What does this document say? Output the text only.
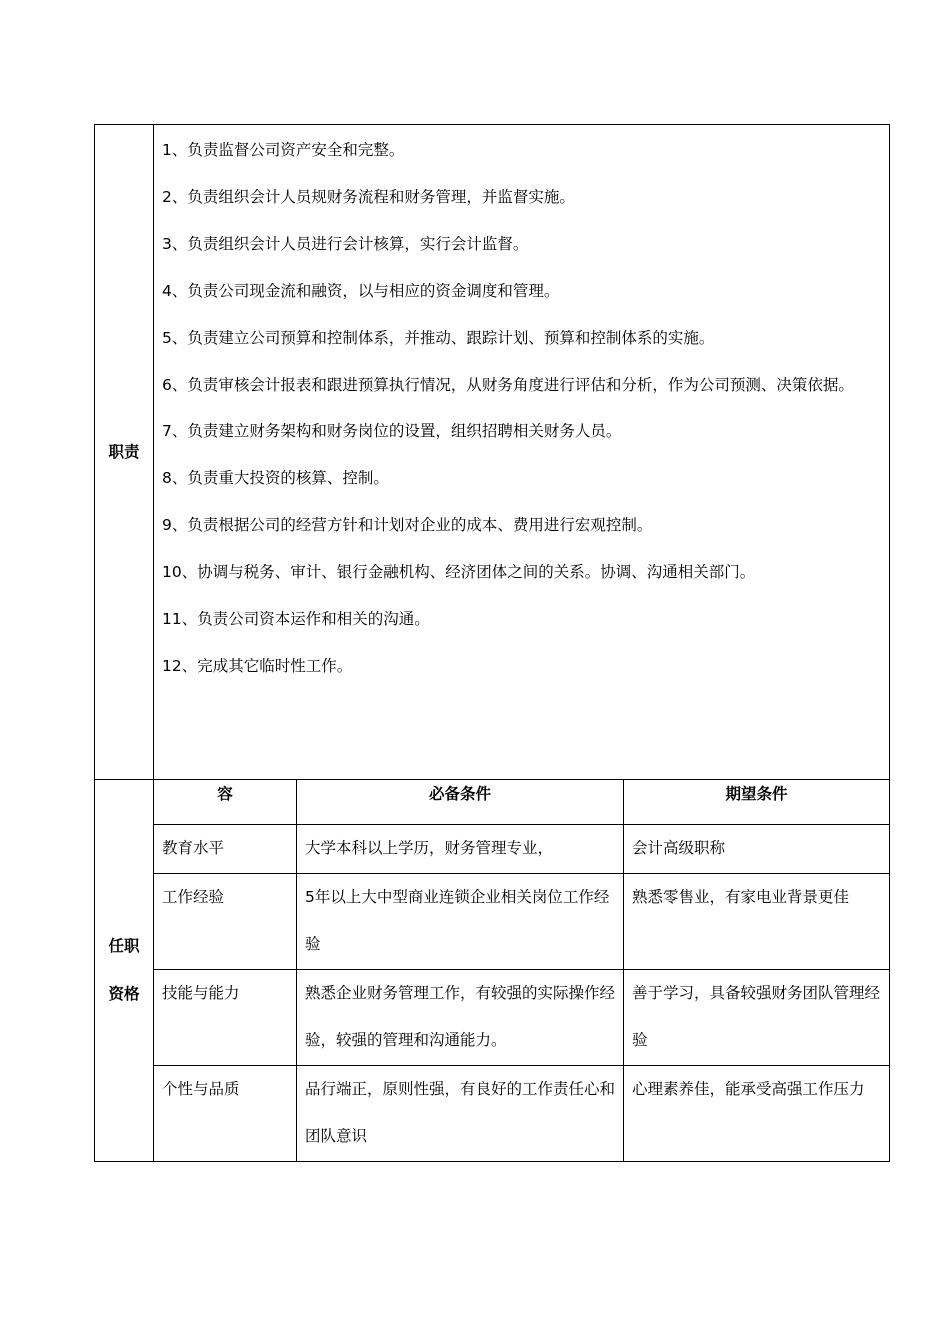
职责	
1、负责监督公司资产安全和完整。
2、负责组织会计人员规财务流程和财务管理，并监督实施。
3、负责组织会计人员进行会计核算，实行会计监督。
4、负责公司现金流和融资，以与相应的资金调度和管理。
5、负责建立公司预算和控制体系，并推动、跟踪计划、预算和控制体系的实施。
6、负责审核会计报表和跟进预算执行情况，从财务角度进行评估和分析，作为公司预测、决策依据。
7、负责建立财务架构和财务岗位的设置，组织招聘相关财务人员。
8、负责重大投资的核算、控制。
9、负责根据公司的经营方针和计划对企业的成本、费用进行宏观控制。
10、协调与税务、审计、银行金融机构、经济团体之间的关系。协调、沟通相关部门。
11、负责公司资本运作和相关的沟通。
12、完成其它临时性工作。

任职资格

容	必备条件	期望条件
教育水平	大学本科以上学历，财务管理专业，	会计高级职称
工作经验	5年以上大中型商业连锁企业相关岗位工作经验	熟悉零售业，有家电业背景更佳
技能与能力	熟悉企业财务管理工作，有较强的实际操作经验，较强的管理和沟通能力。	善于学习，具备较强财务团队管理经验
个性与品质	品行端正，原则性强，有良好的工作责任心和团队意识	心理素养佳，能承受高强工作压力
